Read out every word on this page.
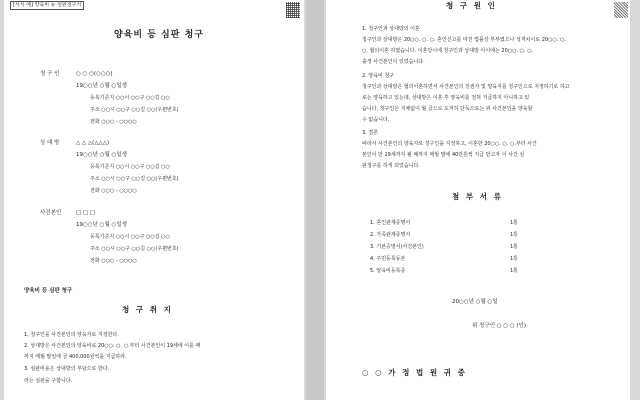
[서식 예] 양육비 등 심판청구서
양육비 등 심판 청구
청 구 인	○ ○ ○(○○○)
19○○년 ○월 ○일생
등록기준지 ○○시 ○○구 ○○길 ○○
주소 ○○시 ○○구 ○○길 ○○(우편번호)
전화 ○○○ - ○○○○
상 대 방	△ △ △(△△△)
19○○년 ○월 ○일생
등록기준지 ○○시 ○○구 ○○길 ○○
주소 ○○시 ○○구 ○○길 ○○(우편번호)
전화 ○○○ - ○○○○
사건본인	□ □ □
19○○년 ○월 ○일생
등록기준지 ○○시 ○○구 ○○길 ○○
주소 ○○시 ○○구 ○○길 ○○(우편번호)
전화 ○○○ - ○○○○
양육비 등 심판 청구
청 구 취 지
1. 청구인을 사건본인의 양육자로 지정한다.
2. 상대방은 사건본인의 양육비로 20○○. ○. ○.부터 사건본인이 19세에 이를 때
까지 매월 말일에 금 400,000원씩을 지급하라.
3. 심판비용은 상대방의 부담으로 한다.
라는 심판을 구합니다.
청 구 원 인
1. 청구인과 상대방의 이혼
청구인과 상대방은 20○○. ○. ○. 혼인신고를 마친 법률상 부부였으나 성격차이로 20○○. ○.
○. 협의이혼 하였습니다. 이혼당시에 청구인과 상대방 사이에는 20○○. ○. ○.
출생 사건본인이 있었습니다.
2. 양육비 청구
청구인과 상대방은 협의이혼하면서 사건본인의 친권자 및 양육자를 청구인으로 지정하기로 하고
로는 양육하고 있는데, 상대방은 이혼 후 양육비를 전혀 지급하지 아니하고 있
습니다. 청구인은 지체없이 월 금으로 도저히 단독으로는 위 사건본인을 양육할
수 없습니다.
3. 결론
따라서 사건본인의 양육자로 청구인을 지정하고, 이혼한 20○○. ○. ○.부터 사건
본인이 만 19세까지 될 때까지 매월 말에 40만원씩 지급 받고자 이 사건 심
판청구를 하게 되었습니다.
첨 부 서 류
1. 혼인관계증명서	1통
2. 가족관계증명서	1통
3. 기본증명서(사건본인)	1통
4. 주민등록등본	1통
5. 양육비등록증	1통
20○○년 ○월 ○일
위 청구인 ○ ○ ○ (인)
○ ○ 가 정 법 원 귀 중
